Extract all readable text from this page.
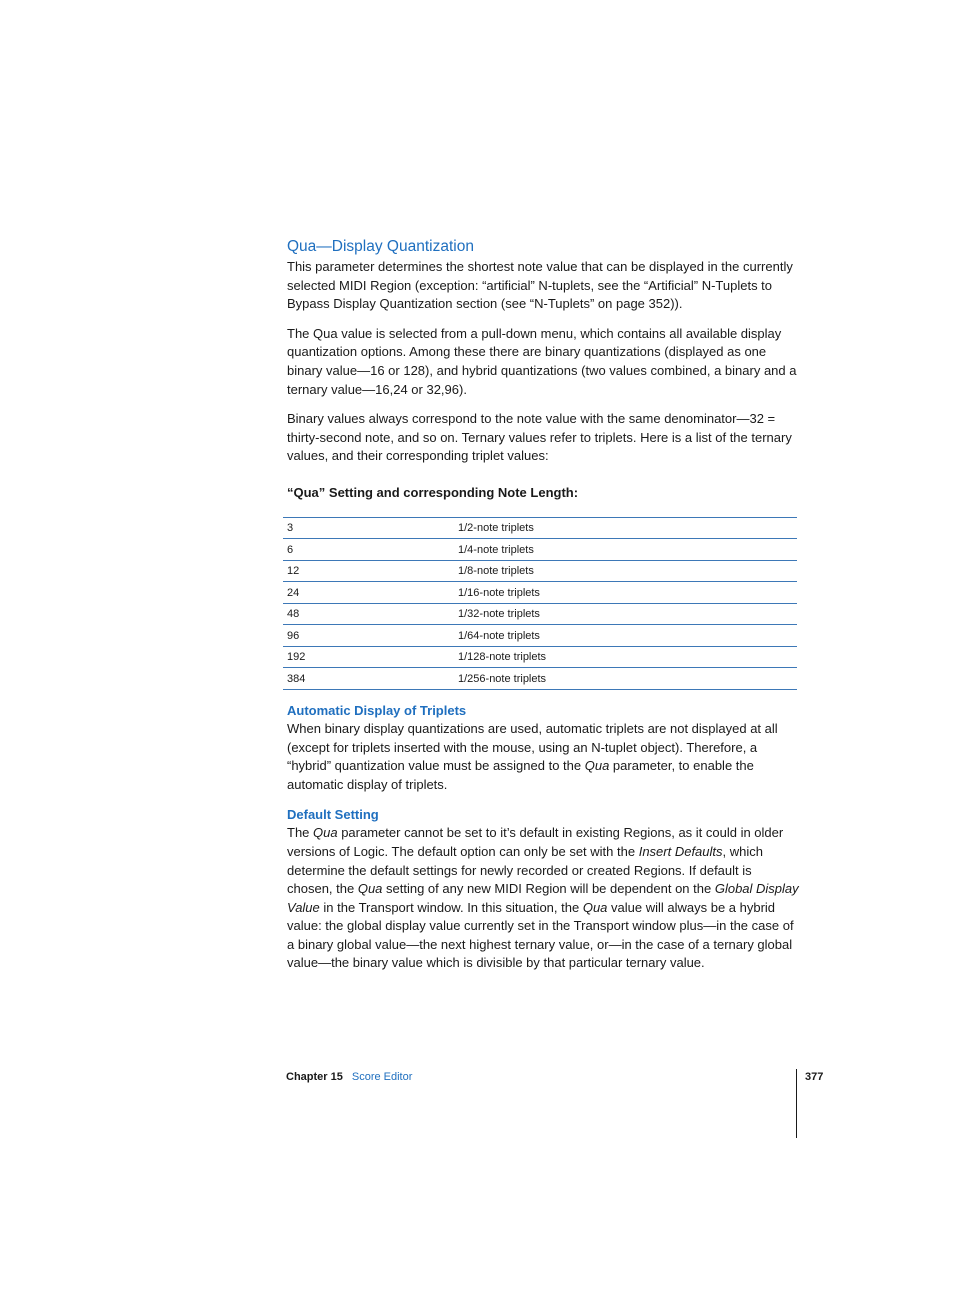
Qua—Display Quantization

This parameter determines the shortest note value that can be displayed in the currently selected MIDI Region (exception: “artificial” N-tuplets, see the “Artificial” N-Tuplets to Bypass Display Quantization section (see “N-Tuplets” on page 352)).

The Qua value is selected from a pull-down menu, which contains all available display quantization options. Among these there are binary quantizations (displayed as one binary value—16 or 128), and hybrid quantizations (two values combined, a binary and a ternary value—16,24 or 32,96).

Binary values always correspond to the note value with the same denominator—32 = thirty-second note, and so on. Ternary values refer to triplets. Here is a list of the ternary values, and their corresponding triplet values:

“Qua” Setting and corresponding Note Length:

3	1/2-note triplets
6	1/4-note triplets
12	1/8-note triplets
24	1/16-note triplets
48	1/32-note triplets
96	1/64-note triplets
192	1/128-note triplets
384	1/256-note triplets
Automatic Display of Triplets

When binary display quantizations are used, automatic triplets are not displayed at all (except for triplets inserted with the mouse, using an N-tuplet object). Therefore, a “hybrid” quantization value must be assigned to the Qua parameter, to enable the automatic display of triplets.

Default Setting

The Qua parameter cannot be set to it’s default in existing Regions, as it could in older versions of Logic. The default option can only be set with the Insert Defaults, which determine the default settings for newly recorded or created Regions. If default is chosen, the Qua setting of any new MIDI Region will be dependent on the Global Display Value in the Transport window. In this situation, the Qua value will always be a hybrid value: the global display value currently set in the Transport window plus—in the case of a binary global value—the next highest ternary value, or—in the case of a ternary global value—the binary value which is divisible by that particular ternary value.

Chapter 15 Score Editor	377
